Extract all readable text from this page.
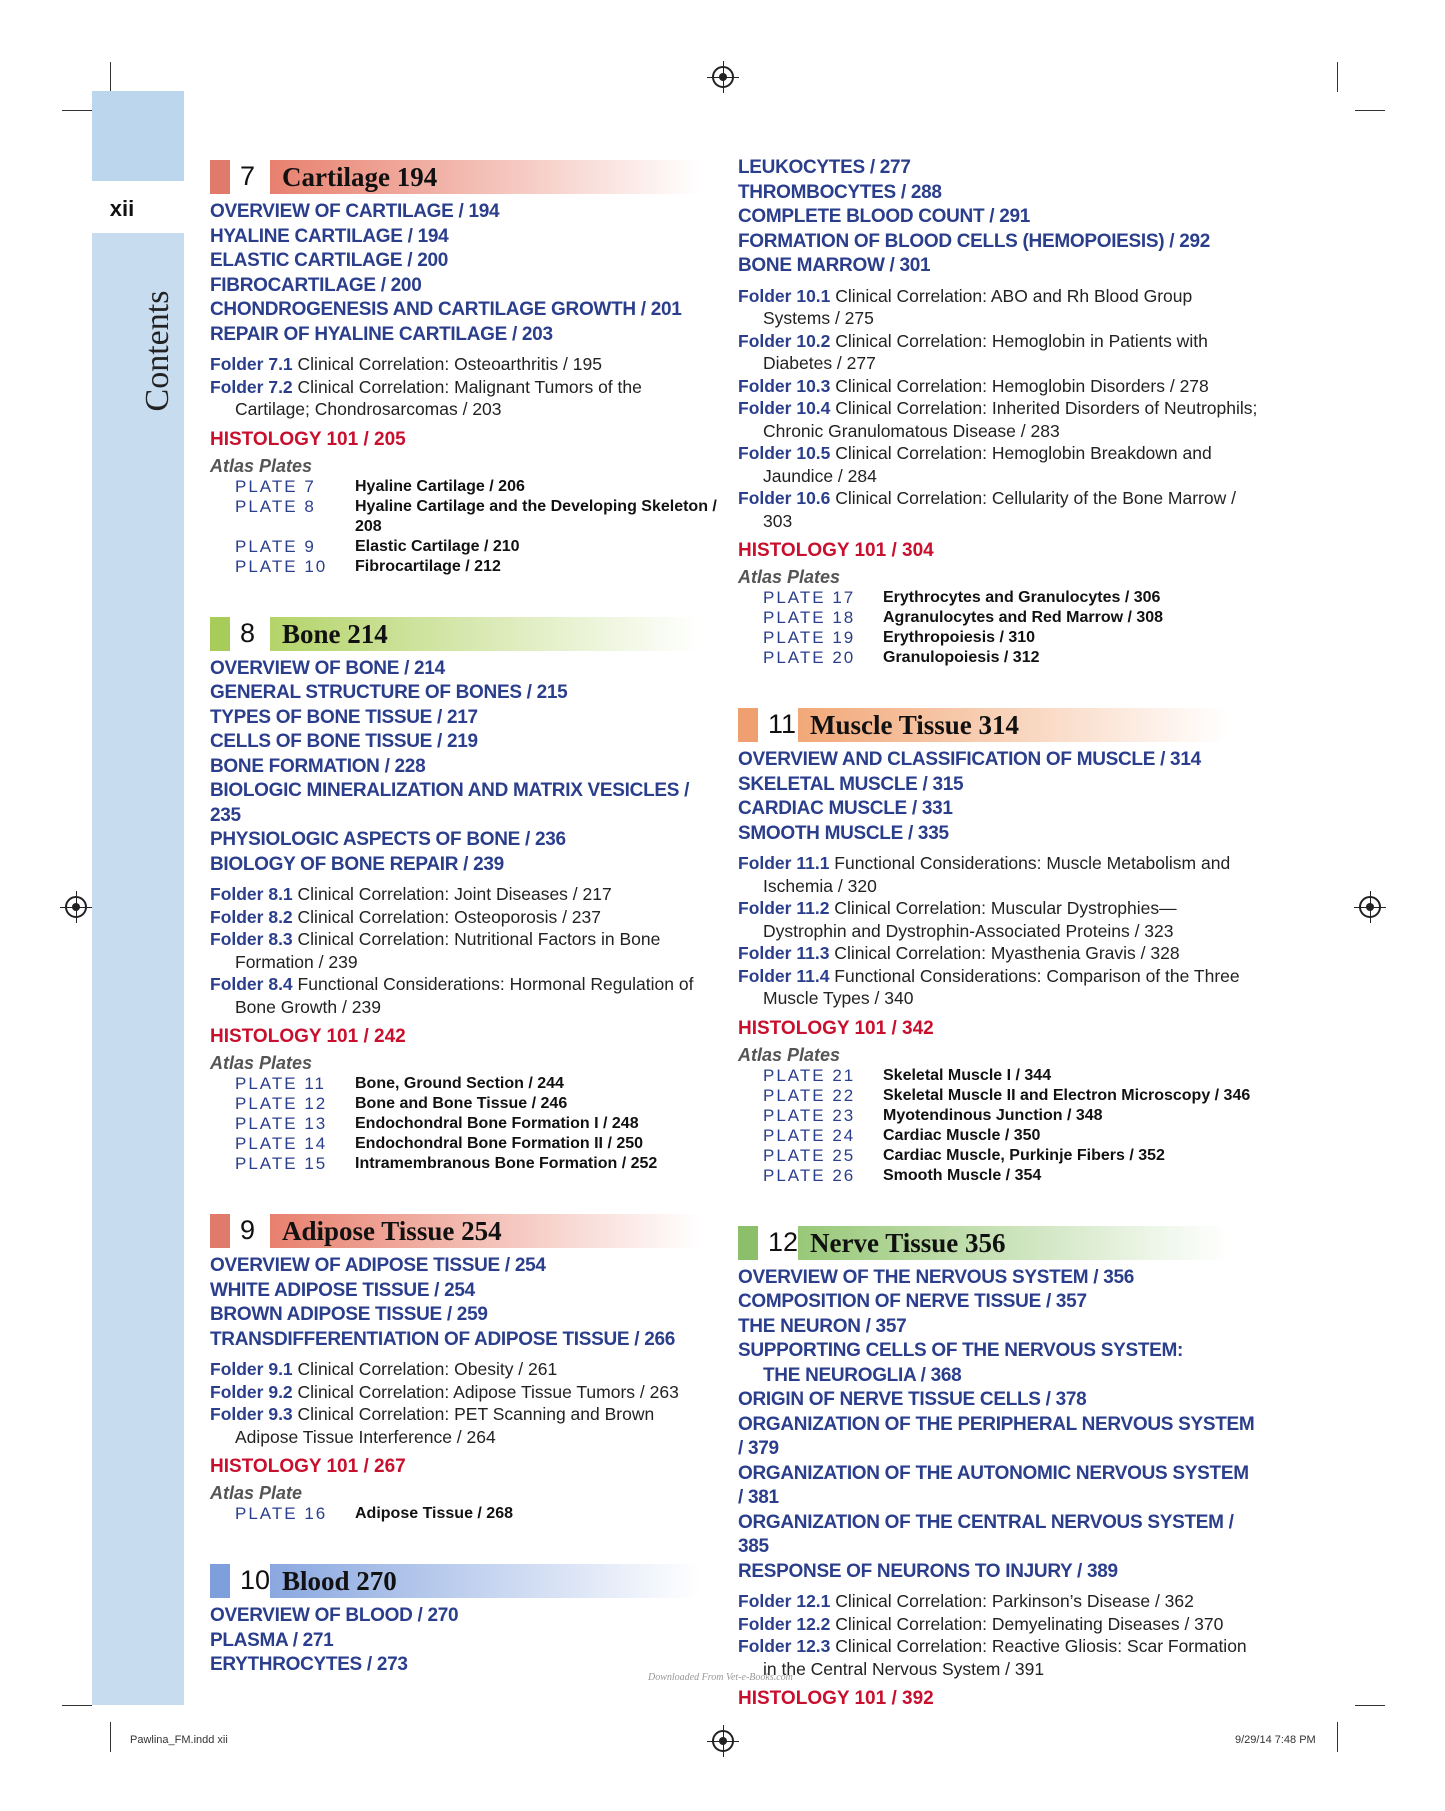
xii
Contents
7 Cartilage 194
OVERVIEW OF CARTILAGE / 194
HYALINE CARTILAGE / 194
ELASTIC CARTILAGE / 200
FIBROCARTILAGE / 200
CHONDROGENESIS AND CARTILAGE GROWTH / 201
REPAIR OF HYALINE CARTILAGE / 203
Folder 7.1 Clinical Correlation: Osteoarthritis / 195
Folder 7.2 Clinical Correlation: Malignant Tumors of the Cartilage; Chondrosarcomas / 203
HISTOLOGY 101 / 205
Atlas Plates
PLATE 7 Hyaline Cartilage / 206
PLATE 8 Hyaline Cartilage and the Developing Skeleton / 208
PLATE 9 Elastic Cartilage / 210
PLATE 10 Fibrocartilage / 212
8 Bone 214
OVERVIEW OF BONE / 214
GENERAL STRUCTURE OF BONES / 215
TYPES OF BONE TISSUE / 217
CELLS OF BONE TISSUE / 219
BONE FORMATION / 228
BIOLOGIC MINERALIZATION AND MATRIX VESICLES / 235
PHYSIOLOGIC ASPECTS OF BONE / 236
BIOLOGY OF BONE REPAIR / 239
Folder 8.1 Clinical Correlation: Joint Diseases / 217
Folder 8.2 Clinical Correlation: Osteoporosis / 237
Folder 8.3 Clinical Correlation: Nutritional Factors in Bone Formation / 239
Folder 8.4 Functional Considerations: Hormonal Regulation of Bone Growth / 239
HISTOLOGY 101 / 242
Atlas Plates
PLATE 11 Bone, Ground Section / 244
PLATE 12 Bone and Bone Tissue / 246
PLATE 13 Endochondral Bone Formation I / 248
PLATE 14 Endochondral Bone Formation II / 250
PLATE 15 Intramembranous Bone Formation / 252
9 Adipose Tissue 254
OVERVIEW OF ADIPOSE TISSUE / 254
WHITE ADIPOSE TISSUE / 254
BROWN ADIPOSE TISSUE / 259
TRANSDIFFERENTIATION OF ADIPOSE TISSUE / 266
Folder 9.1 Clinical Correlation: Obesity / 261
Folder 9.2 Clinical Correlation: Adipose Tissue Tumors / 263
Folder 9.3 Clinical Correlation: PET Scanning and Brown Adipose Tissue Interference / 264
HISTOLOGY 101 / 267
Atlas Plate
PLATE 16 Adipose Tissue / 268
10 Blood 270
OVERVIEW OF BLOOD / 270
PLASMA / 271
ERYTHROCYTES / 273
LEUKOCYTES / 277
THROMBOCYTES / 288
COMPLETE BLOOD COUNT / 291
FORMATION OF BLOOD CELLS (HEMOPOIESIS) / 292
BONE MARROW / 301
Folder 10.1 Clinical Correlation: ABO and Rh Blood Group Systems / 275
Folder 10.2 Clinical Correlation: Hemoglobin in Patients with Diabetes / 277
Folder 10.3 Clinical Correlation: Hemoglobin Disorders / 278
Folder 10.4 Clinical Correlation: Inherited Disorders of Neutrophils; Chronic Granulomatous Disease / 283
Folder 10.5 Clinical Correlation: Hemoglobin Breakdown and Jaundice / 284
Folder 10.6 Clinical Correlation: Cellularity of the Bone Marrow / 303
HISTOLOGY 101 / 304
Atlas Plates
PLATE 17 Erythrocytes and Granulocytes / 306
PLATE 18 Agranulocytes and Red Marrow / 308
PLATE 19 Erythropoiesis / 310
PLATE 20 Granulopoiesis / 312
11 Muscle Tissue 314
OVERVIEW AND CLASSIFICATION OF MUSCLE / 314
SKELETAL MUSCLE / 315
CARDIAC MUSCLE / 331
SMOOTH MUSCLE / 335
Folder 11.1 Functional Considerations: Muscle Metabolism and Ischemia / 320
Folder 11.2 Clinical Correlation: Muscular Dystrophies—Dystrophin and Dystrophin-Associated Proteins / 323
Folder 11.3 Clinical Correlation: Myasthenia Gravis / 328
Folder 11.4 Functional Considerations: Comparison of the Three Muscle Types / 340
HISTOLOGY 101 / 342
Atlas Plates
PLATE 21 Skeletal Muscle I / 344
PLATE 22 Skeletal Muscle II and Electron Microscopy / 346
PLATE 23 Myotendinous Junction / 348
PLATE 24 Cardiac Muscle / 350
PLATE 25 Cardiac Muscle, Purkinje Fibers / 352
PLATE 26 Smooth Muscle / 354
12 Nerve Tissue 356
OVERVIEW OF THE NERVOUS SYSTEM / 356
COMPOSITION OF NERVE TISSUE / 357
THE NEURON / 357
SUPPORTING CELLS OF THE NERVOUS SYSTEM:
THE NEUROGLIA / 368
ORIGIN OF NERVE TISSUE CELLS / 378
ORGANIZATION OF THE PERIPHERAL NERVOUS SYSTEM / 379
ORGANIZATION OF THE AUTONOMIC NERVOUS SYSTEM / 381
ORGANIZATION OF THE CENTRAL NERVOUS SYSTEM / 385
RESPONSE OF NEURONS TO INJURY / 389
Folder 12.1 Clinical Correlation: Parkinson’s Disease / 362
Folder 12.2 Clinical Correlation: Demyelinating Diseases / 370
Folder 12.3 Clinical Correlation: Reactive Gliosis: Scar Formation in the Central Nervous System / 391
HISTOLOGY 101 / 392
Downloaded From Vet-e-Books.com
Pawlina_FM.indd xii	9/29/14 7:48 PM
